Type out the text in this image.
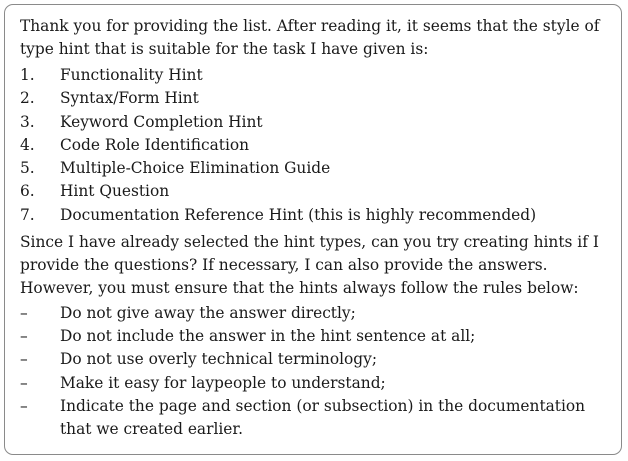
Thank you for providing the list. After reading it, it seems that the style of type hint that is suitable for the task I have given is:

1.	Functionality Hint
2.	Syntax/Form Hint
3.	Keyword Completion Hint
4.	Code Role Identification
5.	Multiple-Choice Elimination Guide
6.	Hint Question
7.	Documentation Reference Hint (this is highly recommended)

Since I have already selected the hint types, can you try creating hints if I provide the questions? If necessary, I can also provide the answers.

However, you must ensure that the hints always follow the rules below:

–	Do not give away the answer directly;
–	Do not include the answer in the hint sentence at all;
–	Do not use overly technical terminology;
–	Make it easy for laypeople to understand;
–	Indicate the page and section (or subsection) in the documentation that we created earlier.
